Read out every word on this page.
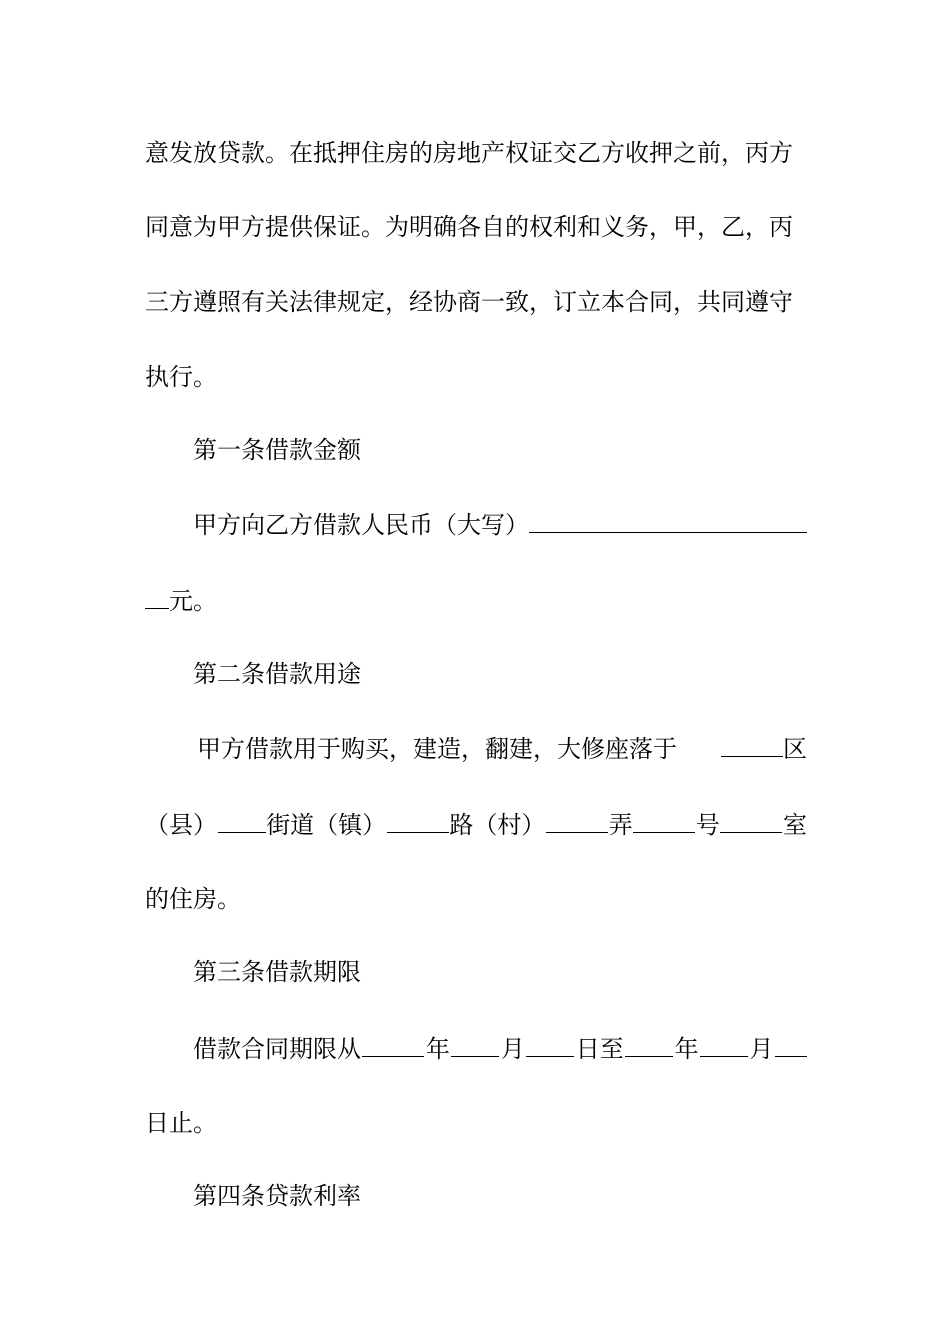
意发放贷款。在抵押住房的房地产权证交乙方收押之前，丙方
同意为甲方提供保证。为明确各自的权利和义务，甲，乙，丙
三方遵照有关法律规定，经协商一致，订立本合同，共同遵守
执行。
第一条借款金额
甲方向乙方借款人民币（大写）
元。
第二条借款用途
甲方借款用于购买，建造，翻建，大修座落于	区
（县） 街道（镇）	路（村）	弄	号	室
的住房。
第三条借款期限
借款合同期限从	年 月 日至 年 月
日止。
第四条贷款利率
